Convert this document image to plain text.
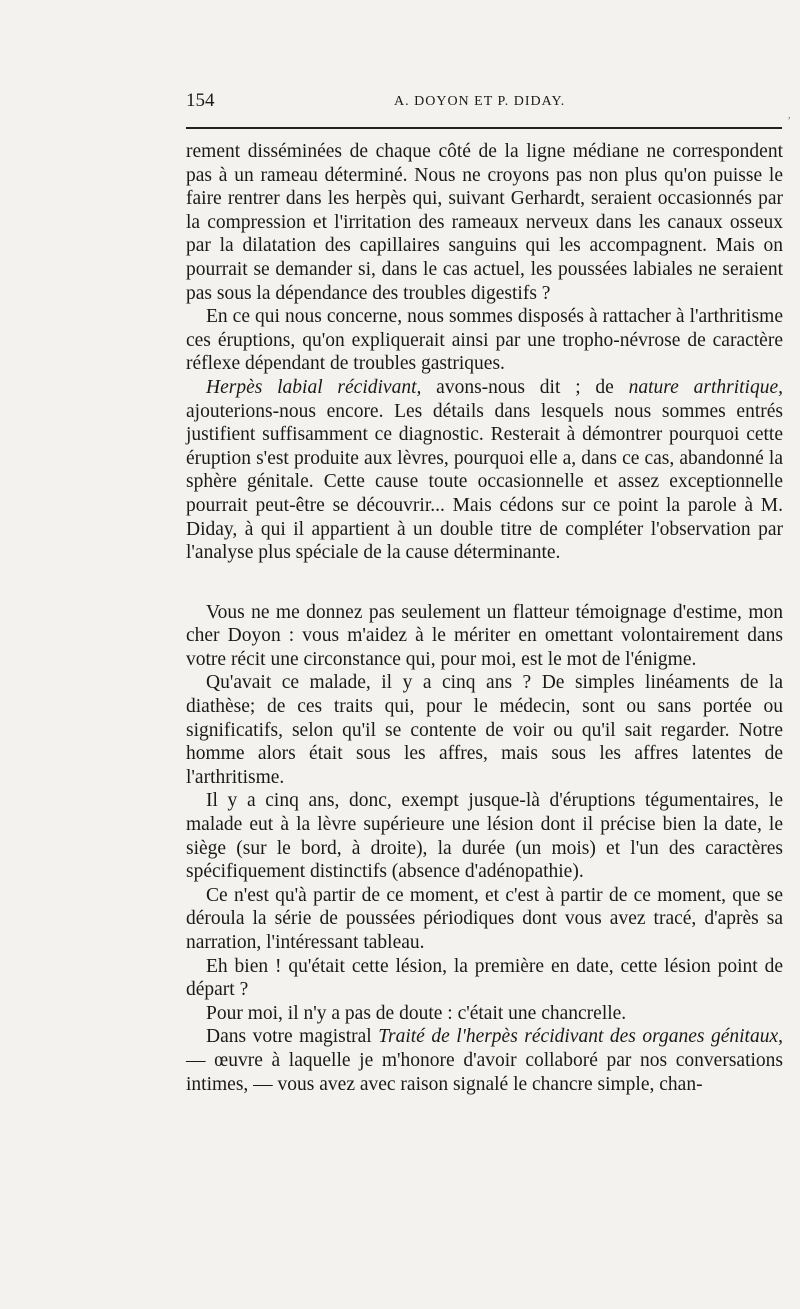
154	A. DOYON ET P. DIDAY.
,

rement disséminées de chaque côté de la ligne médiane ne correspondent pas à un rameau déterminé. Nous ne croyons pas non plus qu'on puisse le faire rentrer dans les herpès qui, suivant Gerhardt, seraient occasionnés par la compression et l'irritation des rameaux nerveux dans les canaux osseux par la dilatation des capillaires sanguins qui les accompagnent. Mais on pourrait se demander si, dans le cas actuel, les poussées labiales ne seraient pas sous la dépendance des troubles digestifs ?

En ce qui nous concerne, nous sommes disposés à rattacher à l'arthritisme ces éruptions, qu'on expliquerait ainsi par une tropho-névrose de caractère réflexe dépendant de troubles gastriques.

Herpès labial récidivant, avons-nous dit ; de nature arthritique, ajouterions-nous encore. Les détails dans lesquels nous sommes entrés justifient suffisamment ce diagnostic. Resterait à démontrer pourquoi cette éruption s'est produite aux lèvres, pourquoi elle a, dans ce cas, abandonné la sphère génitale. Cette cause toute occasionnelle et assez exceptionnelle pourrait peut-être se découvrir... Mais cédons sur ce point la parole à M. Diday, à qui il appartient à un double titre de compléter l'observation par l'analyse plus spéciale de la cause déterminante.

Vous ne me donnez pas seulement un flatteur témoignage d'estime, mon cher Doyon : vous m'aidez à le mériter en omettant volontairement dans votre récit une circonstance qui, pour moi, est le mot de l'énigme.

Qu'avait ce malade, il y a cinq ans ? De simples linéaments de la diathèse; de ces traits qui, pour le médecin, sont ou sans portée ou significatifs, selon qu'il se contente de voir ou qu'il sait regarder. Notre homme alors était sous les affres, mais sous les affres latentes de l'arthritisme.

Il y a cinq ans, donc, exempt jusque-là d'éruptions tégumentaires, le malade eut à la lèvre supérieure une lésion dont il précise bien la date, le siège (sur le bord, à droite), la durée (un mois) et l'un des caractères spécifiquement distinctifs (absence d'adénopathie).

Ce n'est qu'à partir de ce moment, et c'est à partir de ce moment, que se déroula la série de poussées périodiques dont vous avez tracé, d'après sa narration, l'intéressant tableau.

Eh bien ! qu'était cette lésion, la première en date, cette lésion point de départ ?

Pour moi, il n'y a pas de doute : c'était une chancrelle.

Dans votre magistral Traité de l'herpès récidivant des organes génitaux,— œuvre à laquelle je m'honore d'avoir collaboré par nos conversations intimes, — vous avez avec raison signalé le chancre simple, chan-
